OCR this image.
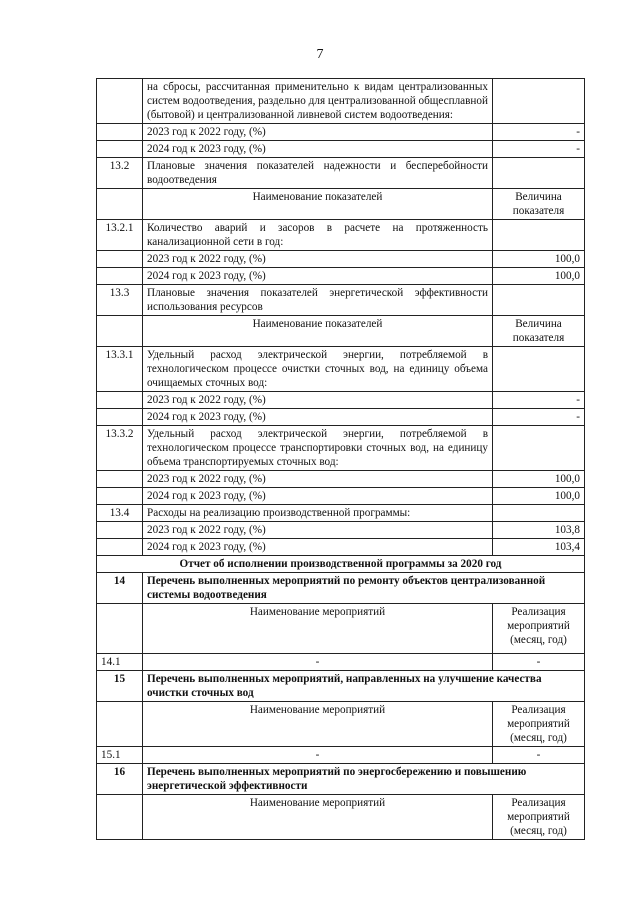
7
	на сбросы, рассчитанная применительно к видам централизованных систем водоотведения, раздельно для централизованной общесплавной (бытовой) и централизованной ливневой систем водоотведения:	
	2023 год к 2022 году, (%)	-
	2024 год к 2023 году, (%)	-
13.2	Плановые значения показателей надежности и бесперебойности водоотведения	
	Наименование показателей	Величина показателя
13.2.1	Количество аварий и засоров в расчете на протяженность канализационной сети в год:	
	2023 год к 2022 году, (%)	100,0
	2024 год к 2023 году, (%)	100,0
13.3	Плановые значения показателей энергетической эффективности использования ресурсов	
	Наименование показателей	Величина показателя
13.3.1	Удельный расход электрической энергии, потребляемой в технологическом процессе очистки сточных вод, на единицу объема очищаемых сточных вод:	
	2023 год к 2022 году, (%)	-
	2024 год к 2023 году, (%)	-
13.3.2	Удельный расход электрической энергии, потребляемой в технологическом процессе транспортировки сточных вод, на единицу объема транспортируемых сточных вод:	
	2023 год к 2022 году, (%)	100,0
	2024 год к 2023 году, (%)	100,0
13.4	Расходы на реализацию производственной программы:	
	2023 год к 2022 году, (%)	103,8
	2024 год к 2023 году, (%)	103,4
Отчет об исполнении производственной программы за 2020 год		
14	Перечень выполненных мероприятий по ремонту объектов централизованной системы водоотведения	
	Наименование мероприятий	Реализация мероприятий (месяц, год)
14.1	-	-
15	Перечень выполненных мероприятий, направленных на улучшение качества очистки сточных вод	
	Наименование мероприятий	Реализация мероприятий (месяц, год)
15.1	-	-
16	Перечень выполненных мероприятий по энергосбережению и повышению энергетической эффективности	
	Наименование мероприятий	Реализация мероприятий (месяц, год)
